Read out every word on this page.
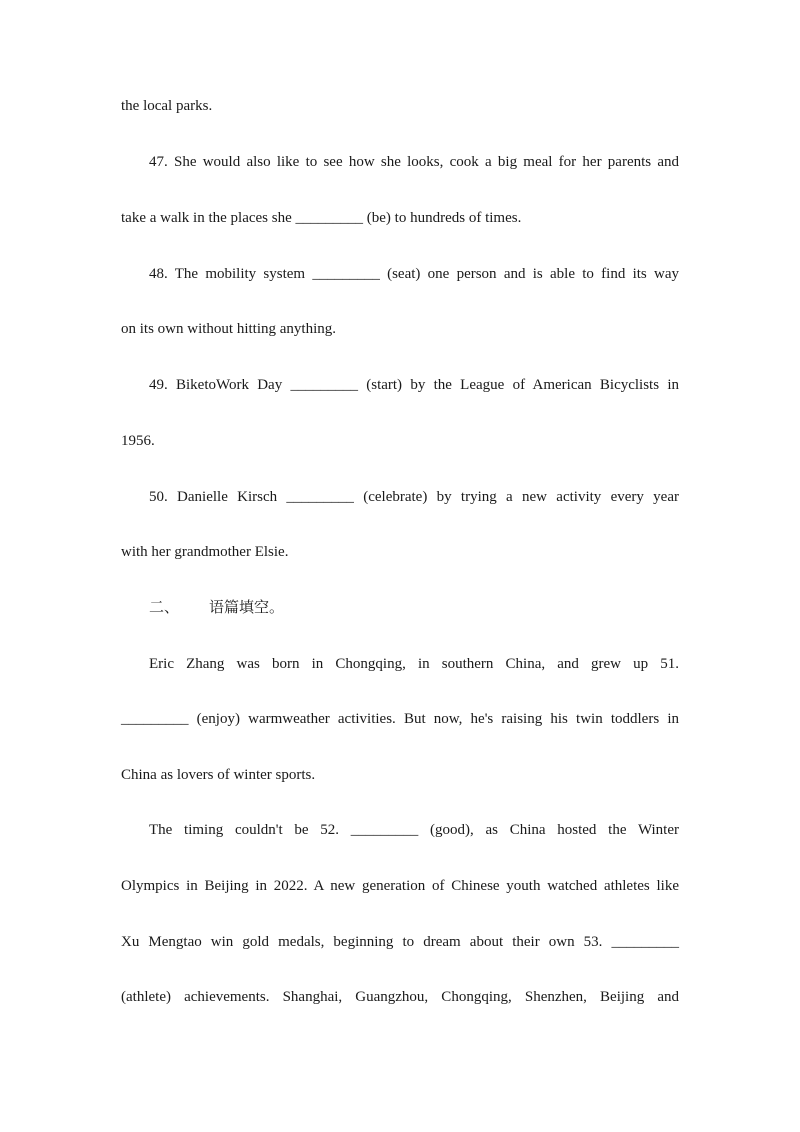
the local parks.
47. She would also like to see how she looks, cook a big meal for her parents and
take a walk in the places she _________ (be) to hundreds of times.
48. The mobility system _________ (seat) one person and is able to find its way
on its own without hitting anything.
49. BiketoWork Day _________ (start) by the League of American Bicyclists in
1956.
50. Danielle Kirsch _________ (celebrate) by trying a new activity every year
with her grandmother Elsie.
二、 语篇填空。
Eric Zhang was born in Chongqing, in southern China, and grew up 51.
_________ (enjoy) warmweather activities. But now, he's raising his twin toddlers in
China as lovers of winter sports.
The timing couldn't be 52. _________ (good), as China hosted the Winter
Olympics in Beijing in 2022. A new generation of Chinese youth watched athletes like
Xu Mengtao win gold medals, beginning to dream about their own 53. _________
(athlete) achievements. Shanghai, Guangzhou, Chongqing, Shenzhen, Beijing and
